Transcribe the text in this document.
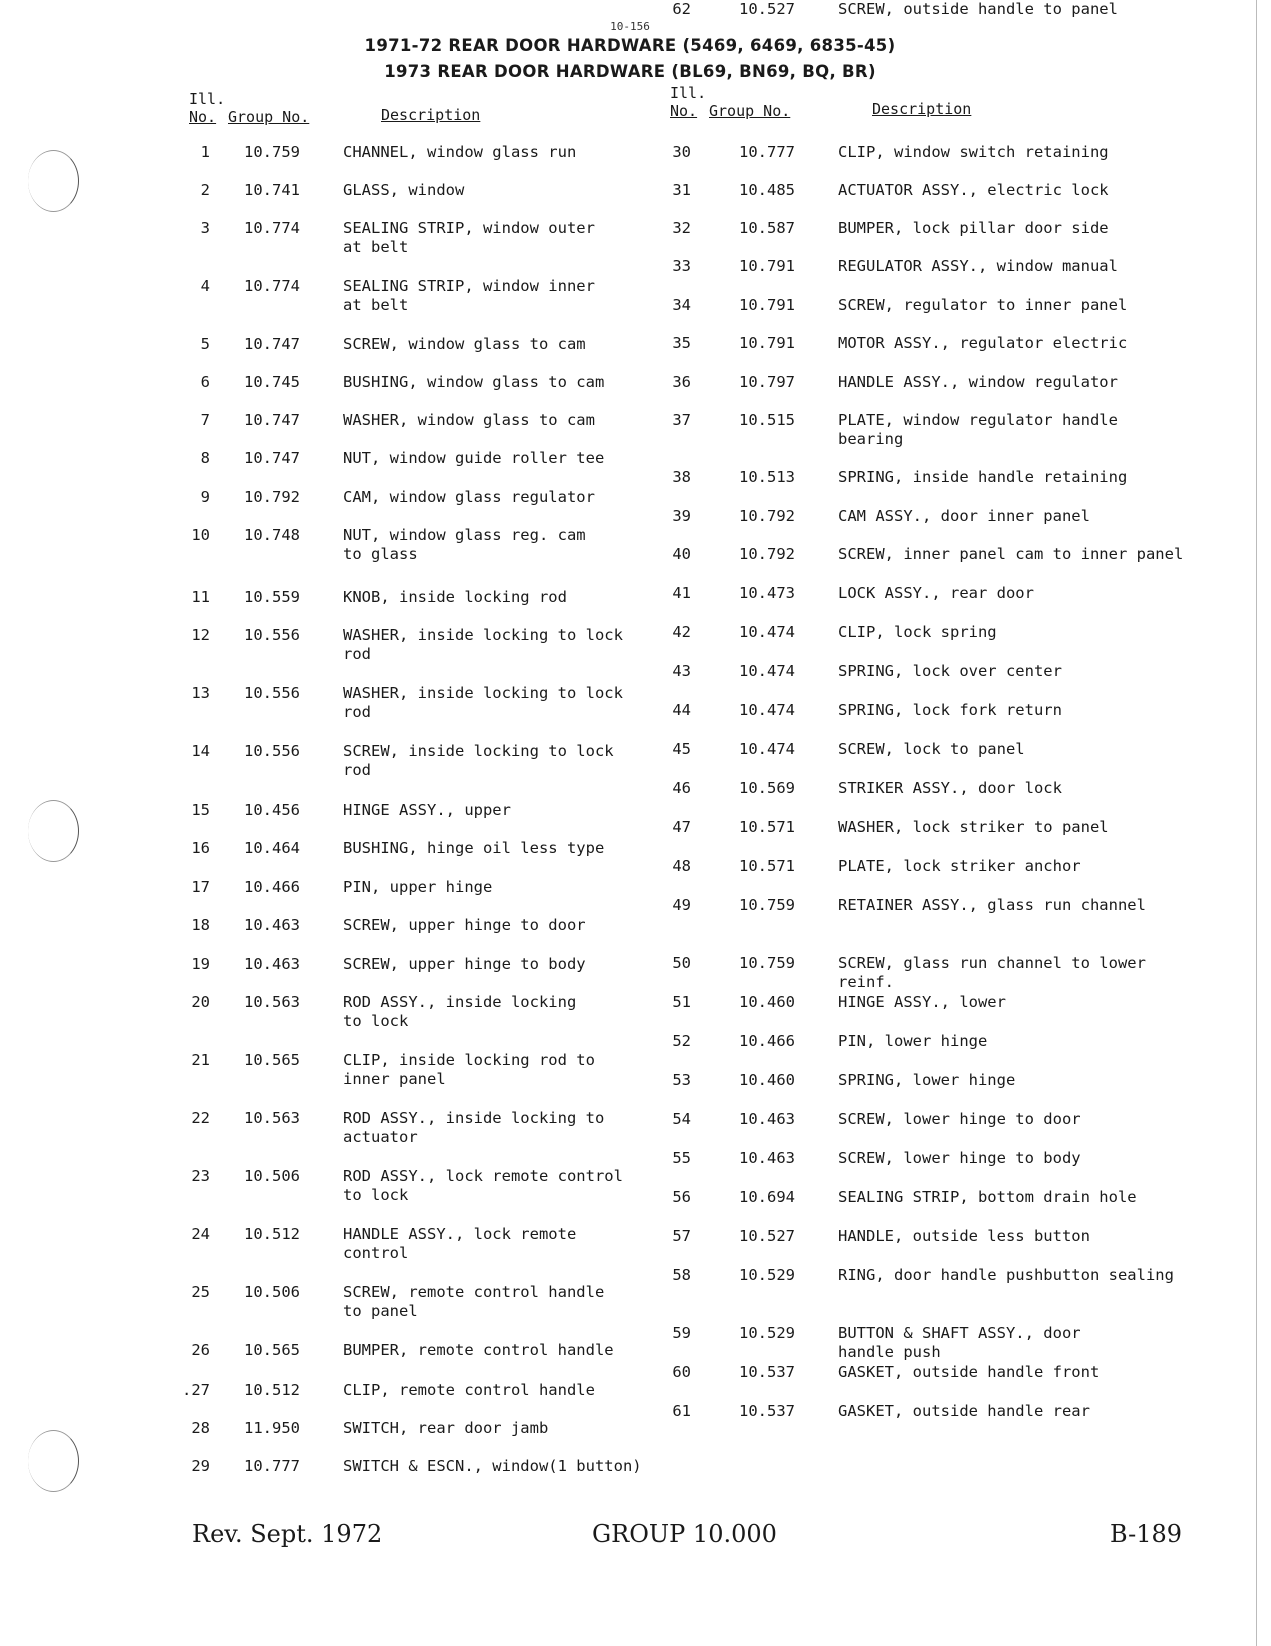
10-156
1971-72 REAR DOOR HARDWARE (5469, 6469, 6835-45)
1973 REAR DOOR HARDWARE (BL69, BN69, BQ, BR)
Ill.
No. Group No.	Description
Ill.
No. Group No.	Description
1 10.759	CHANNEL, window glass run
2 10.741	GLASS, window
3 10.774	SEALING STRIP, window outer
at belt
4 10.774	SEALING STRIP, window inner
at belt
5 10.747	SCREW, window glass to cam
6 10.745	BUSHING, window glass to cam
7 10.747	WASHER, window glass to cam
8 10.747	NUT, window guide roller tee
9 10.792	CAM, window glass regulator
10 10.748	NUT, window glass reg. cam
to glass
11 10.559	KNOB, inside locking rod
12 10.556	WASHER, inside locking to lock
rod
13 10.556	WASHER, inside locking to lock
rod
14 10.556	SCREW, inside locking to lock
rod
15 10.456	HINGE ASSY., upper
16 10.464	BUSHING, hinge oil less type
17 10.466	PIN, upper hinge
18 10.463	SCREW, upper hinge to door
19 10.463	SCREW, upper hinge to body
20 10.563	ROD ASSY., inside locking
to lock
21 10.565	CLIP, inside locking rod to
inner panel
22 10.563	ROD ASSY., inside locking to
actuator
23 10.506	ROD ASSY., lock remote control
to lock
24 10.512	HANDLE ASSY., lock remote
control
25 10.506	SCREW, remote control handle
to panel
26 10.565	BUMPER, remote control handle
.27 10.512	CLIP, remote control handle
28 11.950	SWITCH, rear door jamb
29 10.777	SWITCH & ESCN., window(1 button)
30	10.777	CLIP, window switch retaining
31	10.485	ACTUATOR ASSY., electric lock
32	10.587	BUMPER, lock pillar door side
33	10.791	REGULATOR ASSY., window manual
34	10.791	SCREW, regulator to inner panel
35	10.791	MOTOR ASSY., regulator electric
36	10.797	HANDLE ASSY., window regulator
37	10.515	PLATE, window regulator handle
bearing
38	10.513	SPRING, inside handle retaining
39	10.792	CAM ASSY., door inner panel
40	10.792	SCREW, inner panel cam to inner panel
41	10.473	LOCK ASSY., rear door
42	10.474	CLIP, lock spring
43	10.474	SPRING, lock over center
44	10.474	SPRING, lock fork return
45	10.474	SCREW, lock to panel
46	10.569	STRIKER ASSY., door lock
47	10.571	WASHER, lock striker to panel
48	10.571	PLATE, lock striker anchor
49	10.759	RETAINER ASSY., glass run channel
50	10.759	SCREW, glass run channel to lower
reinf.
51	10.460	HINGE ASSY., lower
52	10.466	PIN, lower hinge
53	10.460	SPRING, lower hinge
54	10.463	SCREW, lower hinge to door
55	10.463	SCREW, lower hinge to body
56	10.694	SEALING STRIP, bottom drain hole
57	10.527	HANDLE, outside less button
58	10.529	RING, door handle pushbutton sealing
59	10.529	BUTTON & SHAFT ASSY., door
handle push
60	10.537	GASKET, outside handle front
61	10.537	GASKET, outside handle rear
62	10.527	SCREW, outside handle to panel
Rev. Sept. 1972	GROUP 10.000	B-189
